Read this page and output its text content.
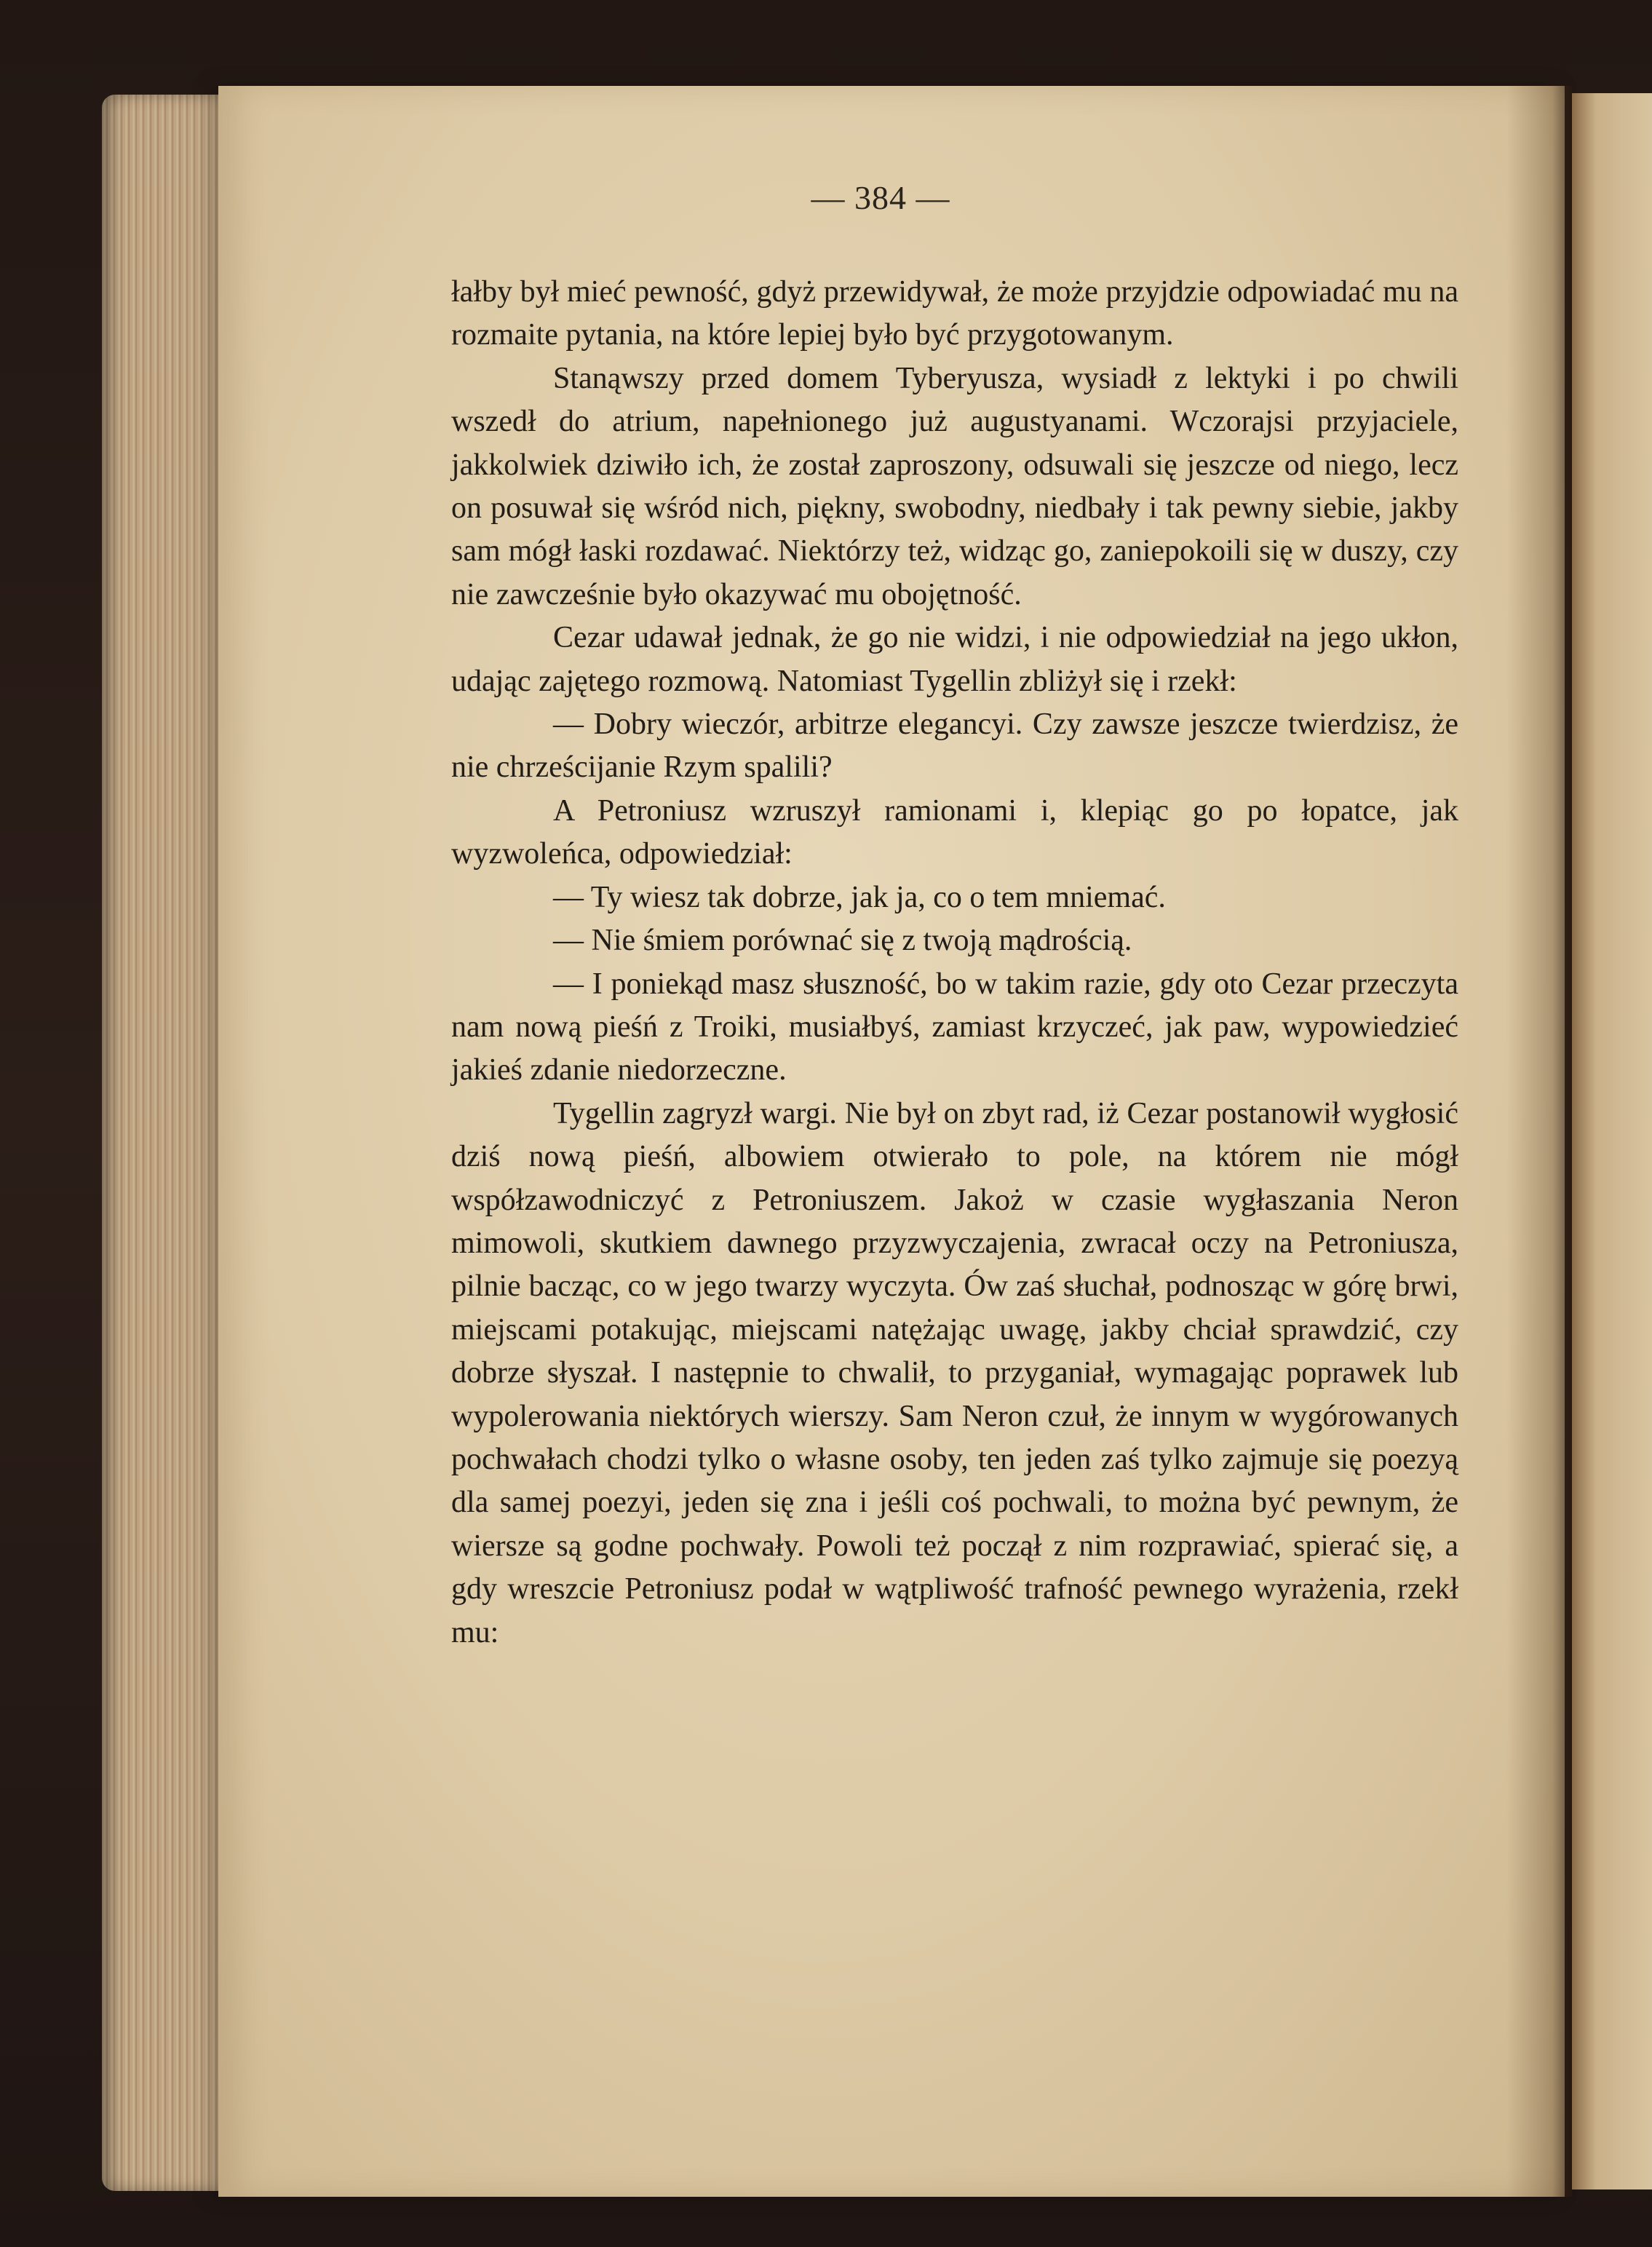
— 384 —

łałby był mieć pewność, gdyż przewidywał, że może przyjdzie odpowiadać mu na rozmaite pytania, na które lepiej było być przygotowanym.

Stanąwszy przed domem Tyberyusza, wysiadł z lektyki i po chwili wszedł do atrium, napełnionego już augustyanami. Wczorajsi przyjaciele, jakkolwiek dziwiło ich, że został zaproszony, odsuwali się jeszcze od niego, lecz on posuwał się wśród nich, piękny, swobodny, niedbały i tak pewny siebie, jakby sam mógł łaski rozdawać. Niektórzy też, widząc go, zaniepokoili się w duszy, czy nie zawcześnie było okazywać mu obojętność.

Cezar udawał jednak, że go nie widzi, i nie odpowiedział na jego ukłon, udając zajętego rozmową. Natomiast Tygellin zbliżył się i rzekł:

— Dobry wieczór, arbitrze elegancyi. Czy zawsze jeszcze twierdzisz, że nie chrześcijanie Rzym spalili?

A Petroniusz wzruszył ramionami i, klepiąc go po łopatce, jak wyzwoleńca, odpowiedział:

— Ty wiesz tak dobrze, jak ja, co o tem mniemać.

— Nie śmiem porównać się z twoją mądrością.

— I poniekąd masz słuszność, bo w takim razie, gdy oto Cezar przeczyta nam nową pieśń z Troiki, musiałbyś, zamiast krzyczeć, jak paw, wypowiedzieć jakieś zdanie niedorzeczne.

Tygellin zagryzł wargi. Nie był on zbyt rad, iż Cezar postanowił wygłosić dziś nową pieśń, albowiem otwierało to pole, na którem nie mógł współzawodniczyć z Petroniuszem. Jakoż w czasie wygłaszania Neron mimowoli, skutkiem dawnego przyzwyczajenia, zwracał oczy na Petroniusza, pilnie bacząc, co w jego twarzy wyczyta. Ów zaś słuchał, podnosząc w górę brwi, miejscami potakując, miejscami natężając uwagę, jakby chciał sprawdzić, czy dobrze słyszał. I następnie to chwalił, to przyganiał, wymagając poprawek lub wypolerowania niektórych wierszy. Sam Neron czuł, że innym w wygórowanych pochwałach chodzi tylko o własne osoby, ten jeden zaś tylko zajmuje się poezyą dla samej poezyi, jeden się zna i jeśli coś pochwali, to można być pewnym, że wiersze są godne pochwały. Powoli też począł z nim rozprawiać, spierać się, a gdy wreszcie Petroniusz podał w wątpliwość trafność pewnego wyrażenia, rzekł mu:
